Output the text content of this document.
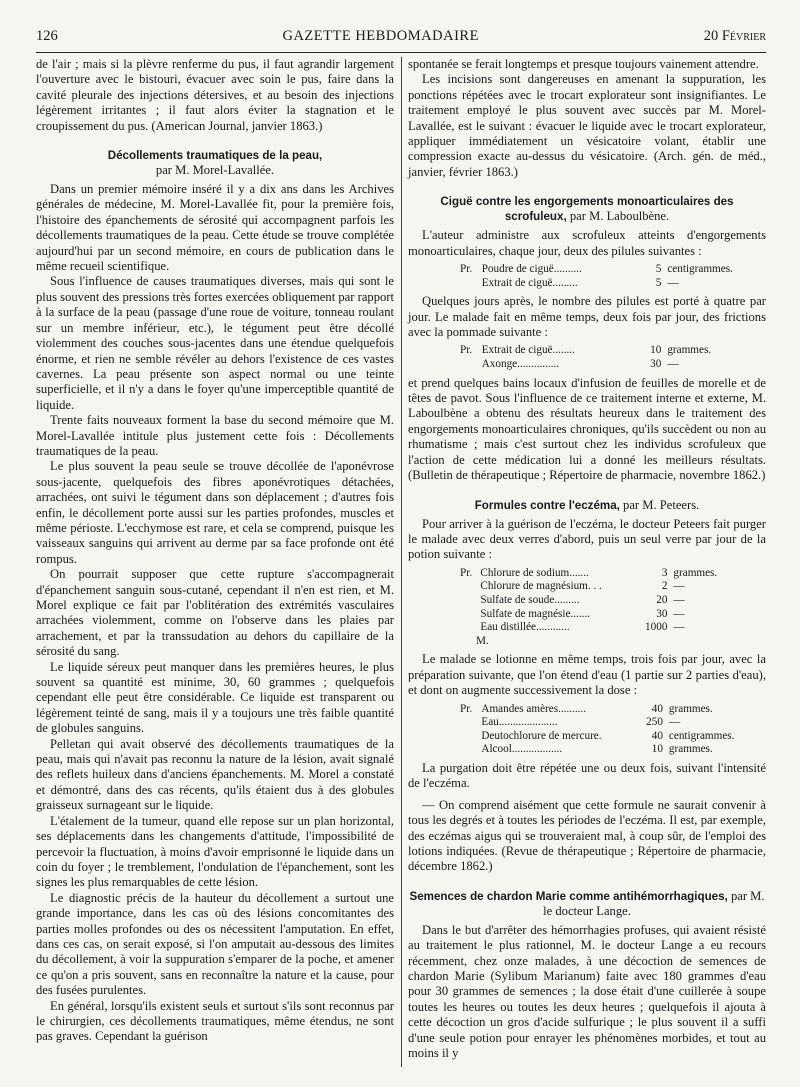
126	GAZETTE HEBDOMADAIRE	20 Février

de l'air ; mais si la plèvre renferme du pus, il faut agrandir largement l'ouverture avec le bistouri, évacuer avec soin le pus, faire dans la cavité pleurale des injections détersives, et au besoin des injections légèrement irritantes ; il faut alors éviter la stagnation et le croupissement du pus. (American Journal, janvier 1863.)

Décollements traumatiques de la peau,
par M. Morel-Lavallée.

Dans un premier mémoire inséré il y a dix ans dans les Archives générales de médecine, M. Morel-Lavallée fit, pour la première fois, l'histoire des épanchements de sérosité qui accompagnent parfois les décollements traumatiques de la peau. Cette étude se trouve complétée aujourd'hui par un second mémoire, en cours de publication dans le même recueil scientifique.

Sous l'influence de causes traumatiques diverses, mais qui sont le plus souvent des pressions très fortes exercées obliquement par rapport à la surface de la peau (passage d'une roue de voiture, tonneau roulant sur un membre inférieur, etc.), le tégument peut être décollé violemment des couches sous-jacentes dans une étendue quelquefois énorme, et rien ne semble révéler au dehors l'existence de ces vastes cavernes. La peau présente son aspect normal ou une teinte superficielle, et il n'y a dans le foyer qu'une imperceptible quantité de liquide.

Trente faits nouveaux forment la base du second mémoire que M. Morel-Lavallée intitule plus justement cette fois : Décollements traumatiques de la peau.

Le plus souvent la peau seule se trouve décollée de l'aponévrose sous-jacente, quelquefois des fibres aponévrotiques détachées, arrachées, ont suivi le tégument dans son déplacement ; d'autres fois enfin, le décollement porte aussi sur les parties profondes, muscles et même périoste. L'ecchymose est rare, et cela se comprend, puisque les vaisseaux sanguins qui arrivent au derme par sa face profonde ont été rompus.

On pourrait supposer que cette rupture s'accompagnerait d'épanchement sanguin sous-cutané, cependant il n'en est rien, et M. Morel explique ce fait par l'oblitération des extrémités vasculaires arrachées violemment, comme on l'observe dans les plaies par arrachement, et par la transsudation au dehors du capillaire de la sérosité du sang.

Le liquide séreux peut manquer dans les premières heures, le plus souvent sa quantité est minime, 30, 60 grammes ; quelquefois cependant elle peut être considérable. Ce liquide est transparent ou légèrement teinté de sang, mais il y a toujours une très faible quantité de globules sanguins.

Pelletan qui avait observé des décollements traumatiques de la peau, mais qui n'avait pas reconnu la nature de la lésion, avait signalé des reflets huileux dans d'anciens épanchements. M. Morel a constaté et démontré, dans des cas récents, qu'ils étaient dus à des globules graisseux surnageant sur le liquide.

L'étalement de la tumeur, quand elle repose sur un plan horizontal, ses déplacements dans les changements d'attitude, l'impossibilité de percevoir la fluctuation, à moins d'avoir emprisonné le liquide dans un coin du foyer ; le tremblement, l'ondulation de l'épanchement, sont les signes les plus remarquables de cette lésion.

Le diagnostic précis de la hauteur du décollement a surtout une grande importance, dans les cas où des lésions concomitantes des parties molles profondes ou des os nécessitent l'amputation. En effet, dans ces cas, on serait exposé, si l'on amputait au-dessous des limites du décollement, à voir la suppuration s'emparer de la poche, et amener ce qu'on a pris souvent, sans en reconnaître la nature et la cause, pour des fusées purulentes.

En général, lorsqu'ils existent seuls et surtout s'ils sont reconnus par le chirurgien, ces décollements traumatiques, même étendus, ne sont pas graves. Cependant la guérison

spontanée se ferait longtemps et presque toujours vainement attendre.

Les incisions sont dangereuses en amenant la suppuration, les ponctions répétées avec le trocart explorateur sont insignifiantes. Le traitement employé le plus souvent avec succès par M. Morel-Lavallée, est le suivant : évacuer le liquide avec le trocart explorateur, appliquer immédiatement un vésicatoire volant, établir une compression exacte au-dessus du vésicatoire. (Arch. gén. de méd., janvier, février 1863.)

Ciguë contre les engorgements monoarticulaires des scrofuleux, par M. Laboulbène.

L'auteur administre aux scrofuleux atteints d'engorgements monoarticulaires, chaque jour, deux des pilules suivantes :

Pr. Poudre de ciguë..........	5 centigrammes.
Extrait de ciguë.........	5 —

Quelques jours après, le nombre des pilules est porté à quatre par jour. Le malade fait en même temps, deux fois par jour, des frictions avec la pommade suivante :

Pr. Extrait de ciguë........	10 grammes.
Axonge...............	30 —

et prend quelques bains locaux d'infusion de feuilles de morelle et de têtes de pavot. Sous l'influence de ce traitement interne et externe, M. Laboulbène a obtenu des résultats heureux dans le traitement des engorgements monoarticulaires chroniques, qu'ils succèdent ou non au rhumatisme ; mais c'est surtout chez les individus scrofuleux que l'action de cette médication lui a donné les meilleurs résultats. (Bulletin de thérapeutique ; Répertoire de pharmacie, novembre 1862.)

Formules contre l'eczéma, par M. Peteers.

Pour arriver à la guérison de l'eczéma, le docteur Peteers fait purger le malade avec deux verres d'abord, puis un seul verre par jour de la potion suivante :

Pr. Chlorure de sodium.......	3 grammes.
Chlorure de magnésium. . .	2 —
Sulfate de soude.........	20 —
Sulfate de magnésie.......	30 —
Eau distillée............	1000 —
M.

Le malade se lotionne en même temps, trois fois par jour, avec la préparation suivante, que l'on étend d'eau (1 partie sur 2 parties d'eau), et dont on augmente successivement la dose :

Pr. Amandes amères..........	40 grammes.
Eau.....................	250 —
Deutochlorure de mercure.	40 centigrammes.
Alcool..................	10 grammes.

La purgation doit être répétée une ou deux fois, suivant l'intensité de l'eczéma.

— On comprend aisément que cette formule ne saurait convenir à tous les degrés et à toutes les périodes de l'eczéma. Il est, par exemple, des eczémas aigus qui se trouveraient mal, à coup sûr, de l'emploi des lotions indiquées. (Revue de thérapeutique ; Répertoire de pharmacie, décembre 1862.)

Semences de chardon Marie comme antihémorrhagiques, par M. le docteur Lange.

Dans le but d'arrêter des hémorrhagies profuses, qui avaient résisté au traitement le plus rationnel, M. le docteur Lange a eu recours récemment, chez onze malades, à une décoction de semences de chardon Marie (Sylibum Marianum) faite avec 180 grammes d'eau pour 30 grammes de semences ; la dose était d'une cuillerée à soupe toutes les heures ou toutes les deux heures ; quelquefois il ajouta à cette décoction un gros d'acide sulfurique ; le plus souvent il a suffi d'une seule potion pour enrayer les phénomènes morbides, et tout au moins il y
